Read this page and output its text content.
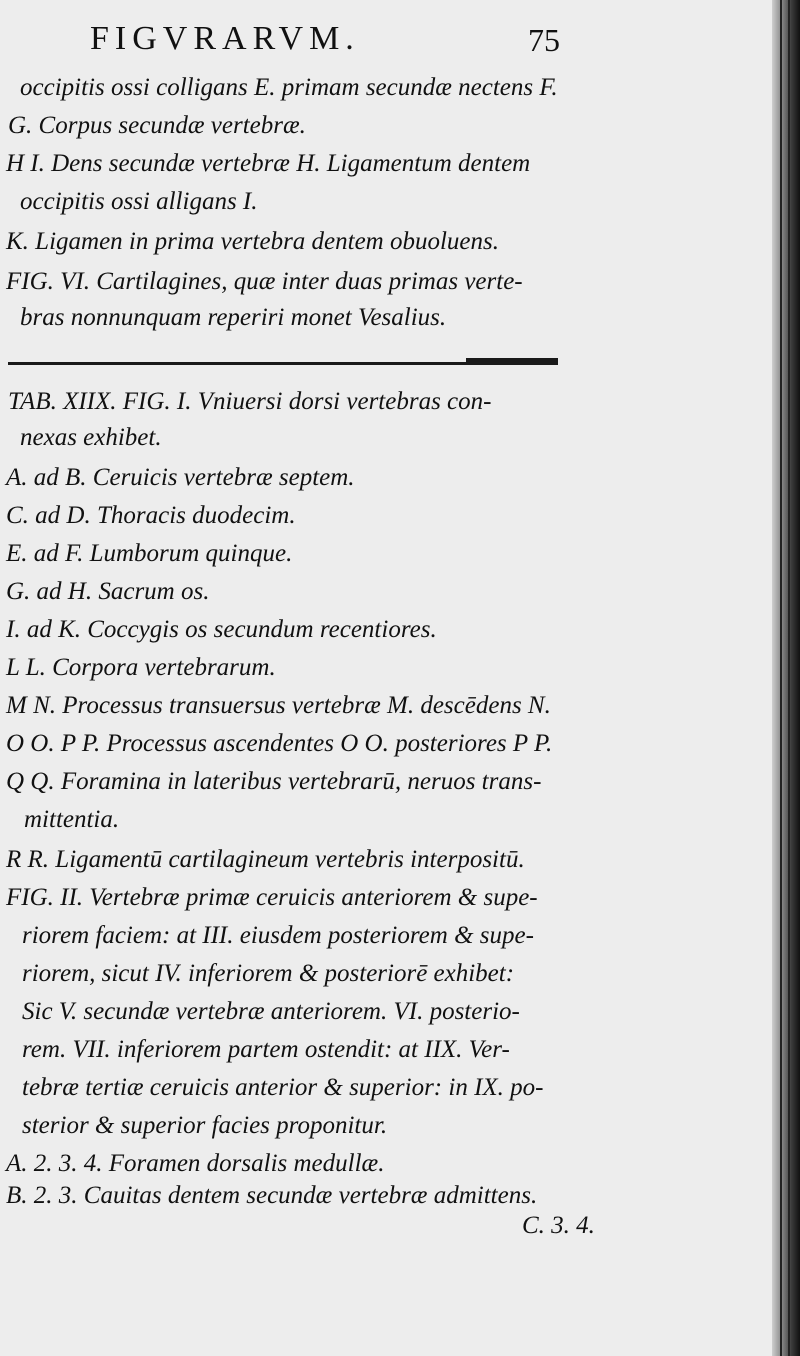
FIGVRARVM.	75
occipitis ossi colligans E. primam secundæ nectens F.
G. Corpus secundæ vertebræ.
H I. Dens secundæ vertebræ H. Ligamentum dentem
occipitis ossi alligans I.
K. Ligamen in prima vertebra dentem obuoluens.
FIG. VI. Cartilagines, quæ inter duas primas verte-
bras nonnunquam reperiri monet Vesalius.
TAB. XIIX. FIG. I. Vniuersi dorsi vertebras con-
nexas exhibet.
A. ad B. Ceruicis vertebræ septem.
C. ad D. Thoracis duodecim.
E. ad F. Lumborum quinque.
G. ad H. Sacrum os.
I. ad K. Coccygis os secundum recentiores.
L L. Corpora vertebrarum.
M N. Processus transuersus vertebræ M. descēdens N.
O O. P P. Processus ascendentes O O. posteriores P P.
Q Q. Foramina in lateribus vertebrarū, neruos trans-
mittentia.
R R. Ligamentū cartilagineum vertebris interpositū.
FIG. II. Vertebræ primæ ceruicis anteriorem & supe-
riorem faciem: at III. eiusdem posteriorem & supe-
riorem, sicut IV. inferiorem & posteriorē exhibet:
Sic V. secundæ vertebræ anteriorem. VI. posterio-
rem. VII. inferiorem partem ostendit: at IIX. Ver-
tebræ tertiæ ceruicis anterior & superior: in IX. po-
sterior & superior facies proponitur.
A. 2. 3. 4. Foramen dorsalis medullæ.
B. 2. 3. Cauitas dentem secundæ vertebræ admittens.
C. 3. 4.
